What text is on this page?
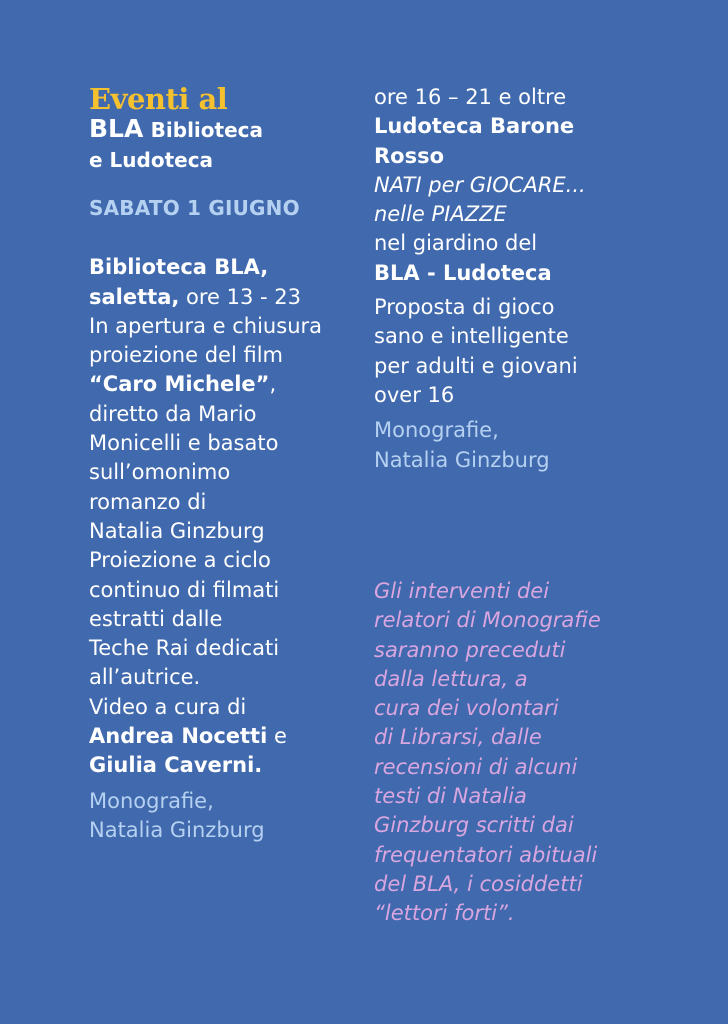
Eventi al
BLA Biblioteca
e Ludoteca
SABATO 1 GIUGNO
Biblioteca BLA,
saletta, ore 13 - 23
In apertura e chiusura
proiezione del film
“Caro Michele”,
diretto da Mario
Monicelli e basato
sull’omonimo
romanzo di
Natalia Ginzburg
Proiezione a ciclo
continuo di filmati
estratti dalle
Teche Rai dedicati
all’autrice.
Video a cura di
Andrea Nocetti e
Giulia Caverni.
Monografie,
Natalia Ginzburg
ore 16 – 21 e oltre
Ludoteca Barone
Rosso
NATI per GIOCARE...
nelle PIAZZE
nel giardino del
BLA - Ludoteca
Proposta di gioco
sano e intelligente
per adulti e giovani
over 16
Monografie,
Natalia Ginzburg
Gli interventi dei
relatori di Monografie
saranno preceduti
dalla lettura, a
cura dei volontari
di Librarsi, dalle
recensioni di alcuni
testi di Natalia
Ginzburg scritti dai
frequentatori abituali
del BLA, i cosiddetti
“lettori forti”.
